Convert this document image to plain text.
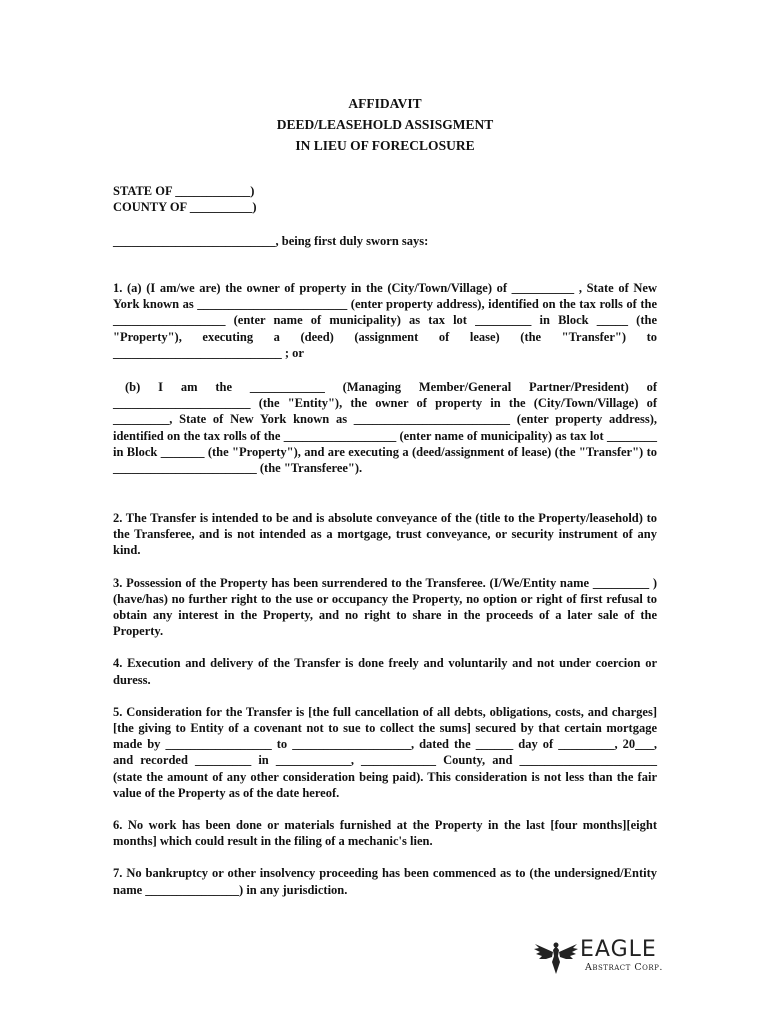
AFFIDAVIT
DEED/LEASEHOLD ASSISGMENT
IN LIEU OF FORECLOSURE
STATE OF ____________)
COUNTY OF __________)

__________________________, being first duly sworn says:

1. (a) (I am/we are) the owner of property in the (City/Town/Village) of __________ , State of New York known as ________________________ (enter property address), identified on the tax rolls of the __________________ (enter name of municipality) as tax lot _________ in Block _____ (the "Property"), executing a (deed) (assignment of lease) (the "Transfer") to ___________________________ ; or

(b) I am the ____________ (Managing Member/General Partner/President) of ______________________ (the "Entity"), the owner of property in the (City/Town/Village) of _________, State of New York known as _________________________ (enter property address), identified on the tax rolls of the __________________ (enter name of municipality) as tax lot ________ in Block _______ (the "Property"), and are executing a (deed/assignment of lease) (the "Transfer") to _______________________ (the "Transferee").

2. The Transfer is intended to be and is absolute conveyance of the (title to the Property/leasehold) to the Transferee, and is not intended as a mortgage, trust conveyance, or security instrument of any kind.

3. Possession of the Property has been surrendered to the Transferee. (I/We/Entity name _________ ) (have/has) no further right to the use or occupancy the Property, no option or right of first refusal to obtain any interest in the Property, and no right to share in the proceeds of a later sale of the Property.

4. Execution and delivery of the Transfer is done freely and voluntarily and not under coercion or duress.

5. Consideration for the Transfer is [the full cancellation of all debts, obligations, costs, and charges] [the giving to Entity of a covenant not to sue to collect the sums] secured by that certain mortgage made by _________________ to ___________________, dated the ______ day of _________, 20___, and recorded _________ in ____________, ____________ County, and ______________________ (state the amount of any other consideration being paid). This consideration is not less than the fair value of the Property as of the date hereof.

6. No work has been done or materials furnished at the Property in the last [four months][eight months] which could result in the filing of a mechanic's lien.

7. No bankruptcy or other insolvency proceeding has been commenced as to (the undersigned/Entity name _______________) in any jurisdiction.

EAGLE
Abstract Corp.
